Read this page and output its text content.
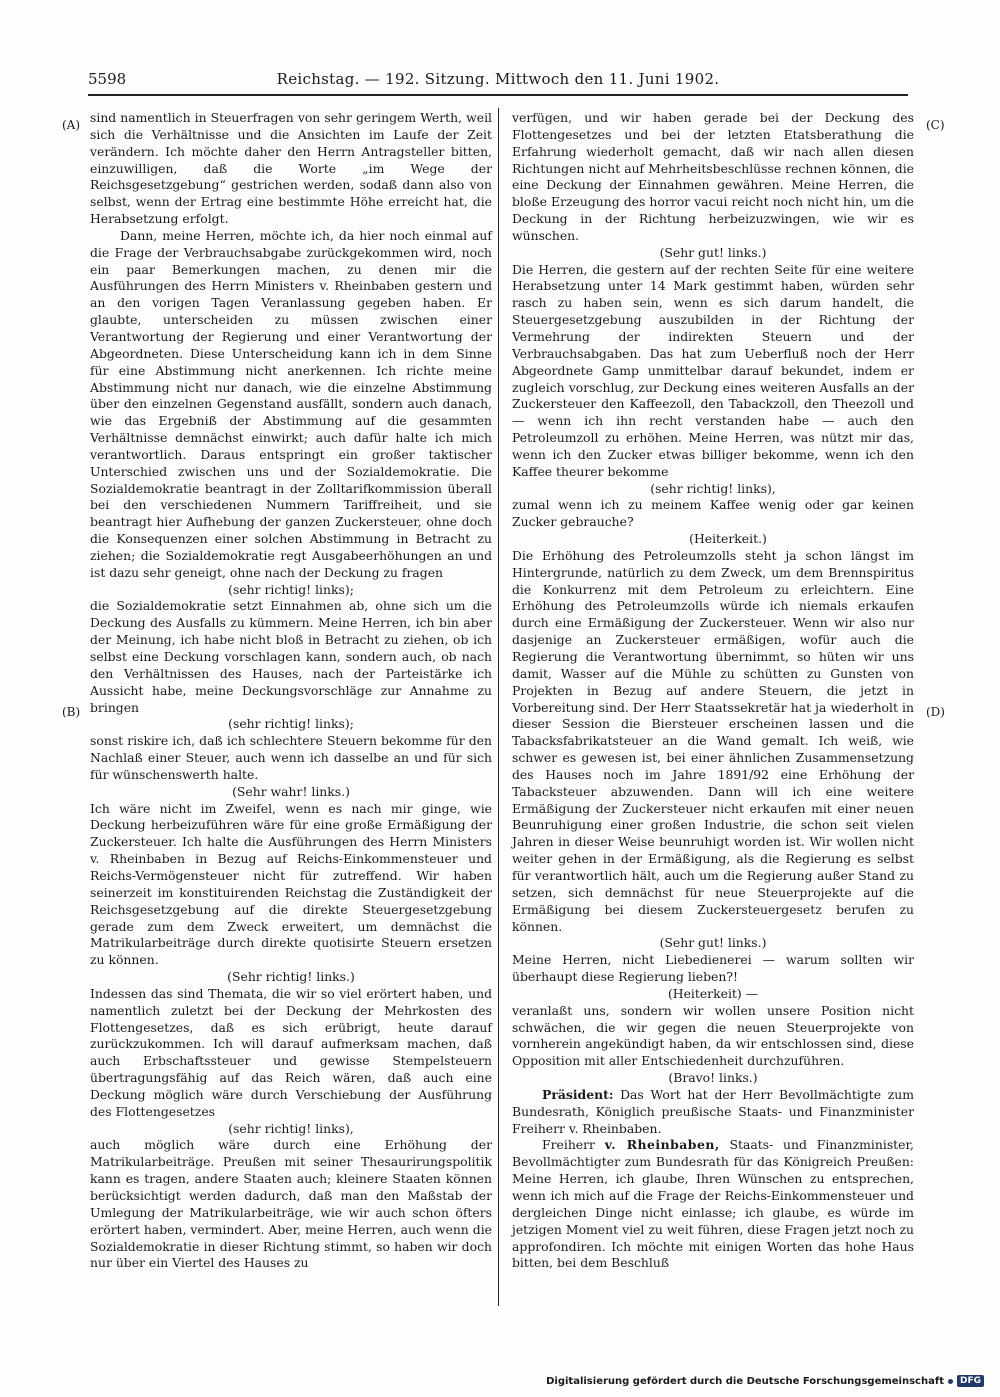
5598	Reichstag. — 192. Sitzung. Mittwoch den 11. Juni 1902.
(A)
(B)
(C)
(D)

sind namentlich in Steuerfragen von sehr geringem Werth, weil sich die Verhältnisse und die Ansichten im Laufe der Zeit verändern. Ich möchte daher den Herrn Antragsteller bitten, einzuwilligen, daß die Worte „im Wege der Reichsgesetzgebung“ gestrichen werden, sodaß dann also von selbst, wenn der Ertrag eine bestimmte Höhe erreicht hat, die Herabsetzung erfolgt.

Dann, meine Herren, möchte ich, da hier noch einmal auf die Frage der Verbrauchsabgabe zurückgekommen wird, noch ein paar Bemerkungen machen, zu denen mir die Ausführungen des Herrn Ministers v. Rheinbaben gestern und an den vorigen Tagen Veranlassung gegeben haben. Er glaubte, unterscheiden zu müssen zwischen einer Verantwortung der Regierung und einer Verantwortung der Abgeordneten. Diese Unterscheidung kann ich in dem Sinne für eine Abstimmung nicht anerkennen. Ich richte meine Abstimmung nicht nur danach, wie die einzelne Abstimmung über den einzelnen Gegenstand ausfällt, sondern auch danach, wie das Ergebniß der Abstimmung auf die gesammten Verhältnisse demnächst einwirkt; auch dafür halte ich mich verantwortlich. Daraus entspringt ein großer taktischer Unterschied zwischen uns und der Sozialdemokratie. Die Sozialdemokratie beantragt in der Zolltarifkommission überall bei den verschiedenen Nummern Tariffreiheit, und sie beantragt hier Aufhebung der ganzen Zuckersteuer, ohne doch die Konsequenzen einer solchen Abstimmung in Betracht zu ziehen; die Sozialdemokratie regt Ausgabeerhöhungen an und ist dazu sehr geneigt, ohne nach der Deckung zu fragen

(sehr richtig! links);

die Sozialdemokratie setzt Einnahmen ab, ohne sich um die Deckung des Ausfalls zu kümmern. Meine Herren, ich bin aber der Meinung, ich habe nicht bloß in Betracht zu ziehen, ob ich selbst eine Deckung vorschlagen kann, sondern auch, ob nach den Verhältnissen des Hauses, nach der Parteistärke ich Aussicht habe, meine Deckungsvorschläge zur Annahme zu bringen

(sehr richtig! links);

sonst riskire ich, daß ich schlechtere Steuern bekomme für den Nachlaß einer Steuer, auch wenn ich dasselbe an und für sich für wünschenswerth halte.

(Sehr wahr! links.)

Ich wäre nicht im Zweifel, wenn es nach mir ginge, wie Deckung herbeizuführen wäre für eine große Ermäßigung der Zuckersteuer. Ich halte die Ausführungen des Herrn Ministers v. Rheinbaben in Bezug auf Reichs-Einkommensteuer und Reichs-Vermögensteuer nicht für zutreffend. Wir haben seinerzeit im konstituirenden Reichstag die Zuständigkeit der Reichsgesetzgebung auf die direkte Steuergesetzgebung gerade zum dem Zweck erweitert, um demnächst die Matrikularbeiträge durch direkte quotisirte Steuern ersetzen zu können.

(Sehr richtig! links.)

Indessen das sind Themata, die wir so viel erörtert haben, und namentlich zuletzt bei der Deckung der Mehrkosten des Flottengesetzes, daß es sich erübrigt, heute darauf zurückzukommen. Ich will darauf aufmerksam machen, daß auch Erbschaftssteuer und gewisse Stempelsteuern übertragungsfähig auf das Reich wären, daß auch eine Deckung möglich wäre durch Verschiebung der Ausführung des Flottengesetzes

(sehr richtig! links),

auch möglich wäre durch eine Erhöhung der Matrikularbeiträge. Preußen mit seiner Thesaurirungspolitik kann es tragen, andere Staaten auch; kleinere Staaten können berücksichtigt werden dadurch, daß man den Maßstab der Umlegung der Matrikularbeiträge, wie wir auch schon öfters erörtert haben, vermindert. Aber, meine Herren, auch wenn die Sozialdemokratie in dieser Richtung stimmt, so haben wir doch nur über ein Viertel des Hauses zu

verfügen, und wir haben gerade bei der Deckung des Flottengesetzes und bei der letzten Etatsberathung die Erfahrung wiederholt gemacht, daß wir nach allen diesen Richtungen nicht auf Mehrheitsbeschlüsse rechnen können, die eine Deckung der Einnahmen gewähren. Meine Herren, die bloße Erzeugung des horror vacui reicht noch nicht hin, um die Deckung in der Richtung herbeizuzwingen, wie wir es wünschen.

(Sehr gut! links.)

Die Herren, die gestern auf der rechten Seite für eine weitere Herabsetzung unter 14 Mark gestimmt haben, würden sehr rasch zu haben sein, wenn es sich darum handelt, die Steuergesetzgebung auszubilden in der Richtung der Vermehrung der indirekten Steuern und der Verbrauchsabgaben. Das hat zum Ueberfluß noch der Herr Abgeordnete Gamp unmittelbar darauf bekundet, indem er zugleich vorschlug, zur Deckung eines weiteren Ausfalls an der Zuckersteuer den Kaffeezoll, den Tabackzoll, den Theezoll und — wenn ich ihn recht verstanden habe — auch den Petroleumzoll zu erhöhen. Meine Herren, was nützt mir das, wenn ich den Zucker etwas billiger bekomme, wenn ich den Kaffee theurer bekomme

(sehr richtig! links),

zumal wenn ich zu meinem Kaffee wenig oder gar keinen Zucker gebrauche?

(Heiterkeit.)

Die Erhöhung des Petroleumzolls steht ja schon längst im Hintergrunde, natürlich zu dem Zweck, um dem Brennspiritus die Konkurrenz mit dem Petroleum zu erleichtern. Eine Erhöhung des Petroleumzolls würde ich niemals erkaufen durch eine Ermäßigung der Zuckersteuer. Wenn wir also nur dasjenige an Zuckersteuer ermäßigen, wofür auch die Regierung die Verantwortung übernimmt, so hüten wir uns damit, Wasser auf die Mühle zu schütten zu Gunsten von Projekten in Bezug auf andere Steuern, die jetzt in Vorbereitung sind. Der Herr Staatssekretär hat ja wiederholt in dieser Session die Biersteuer erscheinen lassen und die Tabacksfabrikatsteuer an die Wand gemalt. Ich weiß, wie schwer es gewesen ist, bei einer ähnlichen Zusammensetzung des Hauses noch im Jahre 1891/92 eine Erhöhung der Tabacksteuer abzuwenden. Dann will ich eine weitere Ermäßigung der Zuckersteuer nicht erkaufen mit einer neuen Beunruhigung einer großen Industrie, die schon seit vielen Jahren in dieser Weise beunruhigt worden ist. Wir wollen nicht weiter gehen in der Ermäßigung, als die Regierung es selbst für verantwortlich hält, auch um die Regierung außer Stand zu setzen, sich demnächst für neue Steuerprojekte auf die Ermäßigung bei diesem Zuckersteuergesetz berufen zu können.

(Sehr gut! links.)

Meine Herren, nicht Liebedienerei — warum sollten wir überhaupt diese Regierung lieben?!

(Heiterkeit) —

veranlaßt uns, sondern wir wollen unsere Position nicht schwächen, die wir gegen die neuen Steuerprojekte von vornherein angekündigt haben, da wir entschlossen sind, diese Opposition mit aller Entschiedenheit durchzuführen.

(Bravo! links.)

Präsident: Das Wort hat der Herr Bevollmächtigte zum Bundesrath, Königlich preußische Staats- und Finanzminister Freiherr v. Rheinbaben.

Freiherr v. Rheinbaben, Staats- und Finanzminister, Bevollmächtigter zum Bundesrath für das Königreich Preußen: Meine Herren, ich glaube, Ihren Wünschen zu entsprechen, wenn ich mich auf die Frage der Reichs-Einkommensteuer und dergleichen Dinge nicht einlasse; ich glaube, es würde im jetzigen Moment viel zu weit führen, diese Fragen jetzt noch zu approfondiren. Ich möchte mit einigen Worten das hohe Haus bitten, bei dem Beschluß

Digitalisierung gefördert durch die Deutsche Forschungsgemeinschaft	DFG
